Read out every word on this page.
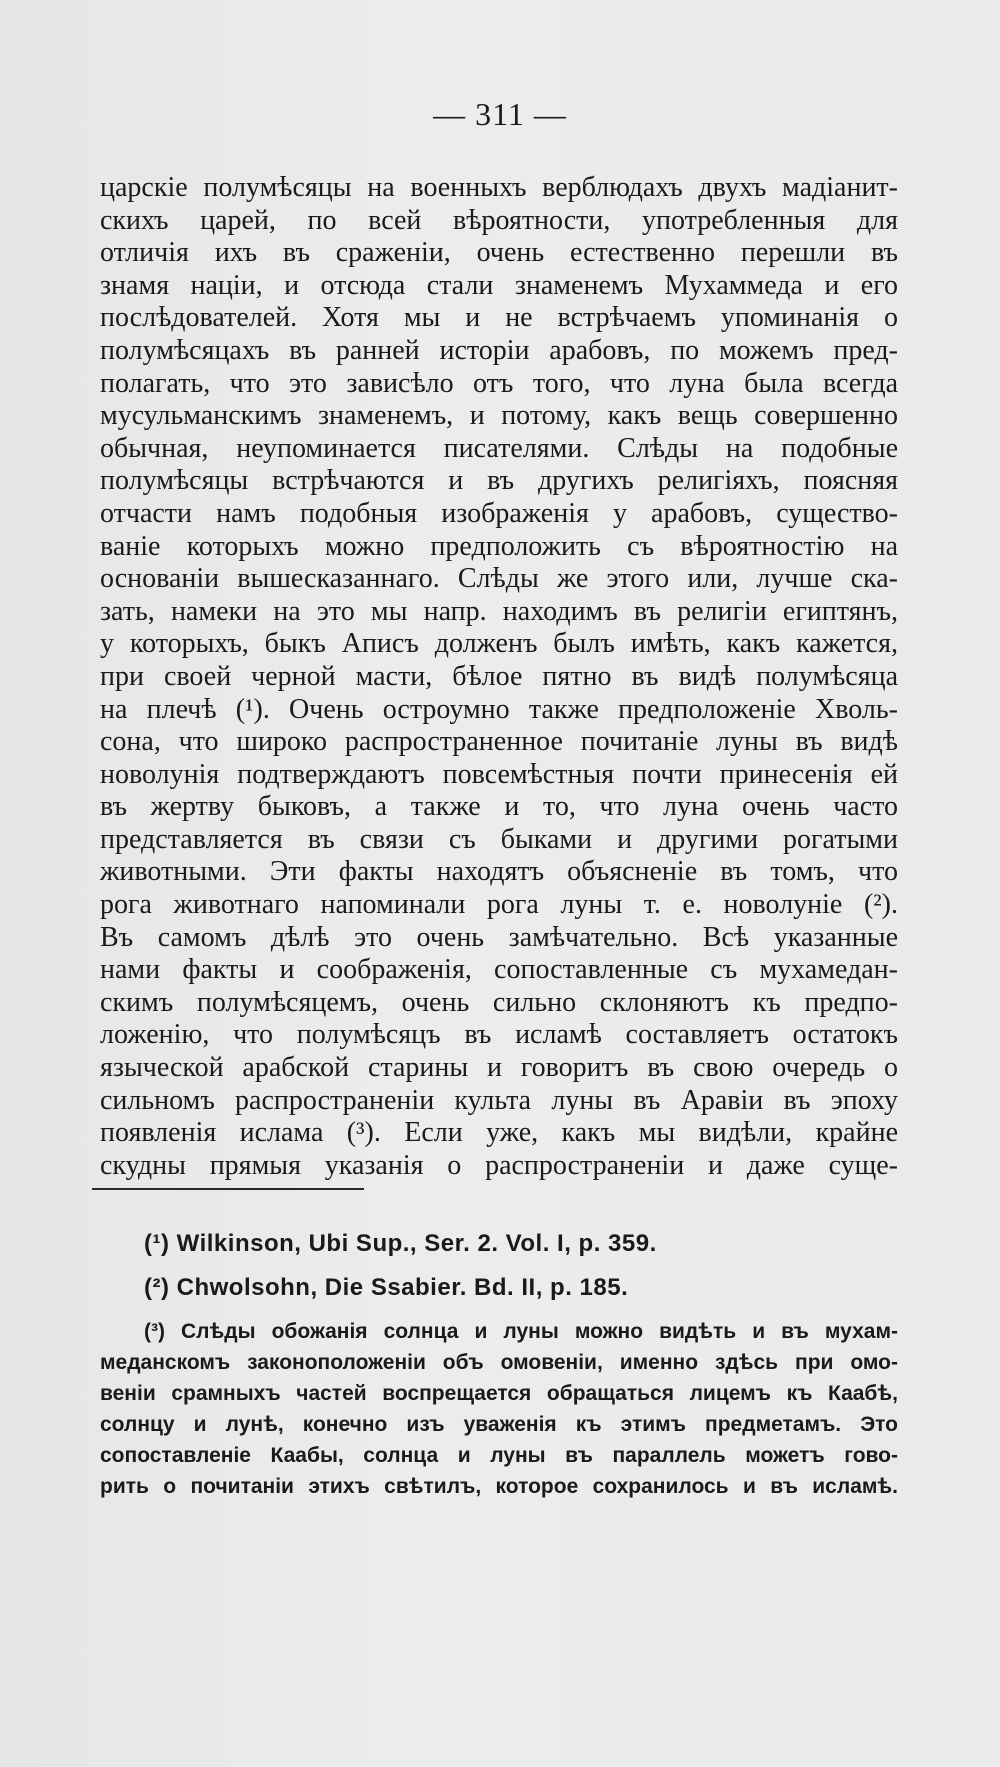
— 311 —
царскіе полумѣсяцы на военныхъ верблюдахъ двухъ мадіанит-
скихъ царей, по всей вѣроятности, употребленныя для
отличія ихъ въ сраженіи, очень естественно перешли въ
знамя націи, и отсюда стали знаменемъ Мухаммеда и его
послѣдователей. Хотя мы и не встрѣчаемъ упоминанія о
полумѣсяцахъ въ ранней исторіи арабовъ, по можемъ пред-
полагать, что это зависѣло отъ того, что луна была всегда
мусульманскимъ знаменемъ, и потому, какъ вещь совершенно
обычная, неупоминается писателями. Слѣды на подобные
полумѣсяцы встрѣчаются и въ другихъ религіяхъ, поясняя
отчасти намъ подобныя изображенія у арабовъ, существо-
ваніе которыхъ можно предположить съ вѣроятностію на
основаніи вышесказаннаго. Слѣды же этого или, лучше ска-
зать, намеки на это мы напр. находимъ въ религіи египтянъ,
у которыхъ, быкъ Аписъ долженъ былъ имѣть, какъ кажется,
при своей черной масти, бѣлое пятно въ видѣ полумѣсяца
на плечѣ (¹). Очень остроумно также предположеніе Хволь-
сона, что широко распространенное почитаніе луны въ видѣ
новолунія подтверждаютъ повсемѣстныя почти принесенія ей
въ жертву быковъ, а также и то, что луна очень часто
представляется въ связи съ быками и другими рогатыми
животными. Эти факты находятъ объясненіе въ томъ, что
рога животнаго напоминали рога луны т. е. новолуніе (²).
Въ самомъ дѣлѣ это очень замѣчательно. Всѣ указанные
нами факты и соображенія, сопоставленные съ мухамедан-
скимъ полумѣсяцемъ, очень сильно склоняютъ къ предпо-
ложенію, что полумѣсяцъ въ исламѣ составляетъ остатокъ
языческой арабской старины и говоритъ въ свою очередь о
сильномъ распространеніи культа луны въ Аравіи въ эпоху
появленія ислама (³). Если уже, какъ мы видѣли, крайне
скудны прямыя указанія о распространеніи и даже суще-
(¹) Wilkinson, Ubi Sup., Ser. 2. Vol. I, p. 359.
(²) Chwolsohn, Die Ssabier. Bd. II, p. 185.
(³) Слѣды обожанія солнца и луны можно видѣть и въ мухам-
меданскомъ законоположеніи объ омовеніи, именно здѣсь при омо-
веніи срамныхъ частей воспрещается обращаться лицемъ къ Каабѣ,
солнцу и лунѣ, конечно изъ уваженія къ этимъ предметамъ. Это
сопоставленіе Каабы, солнца и луны въ параллель можетъ гово-
рить о почитаніи этихъ свѣтилъ, которое сохранилось и въ исламѣ.
